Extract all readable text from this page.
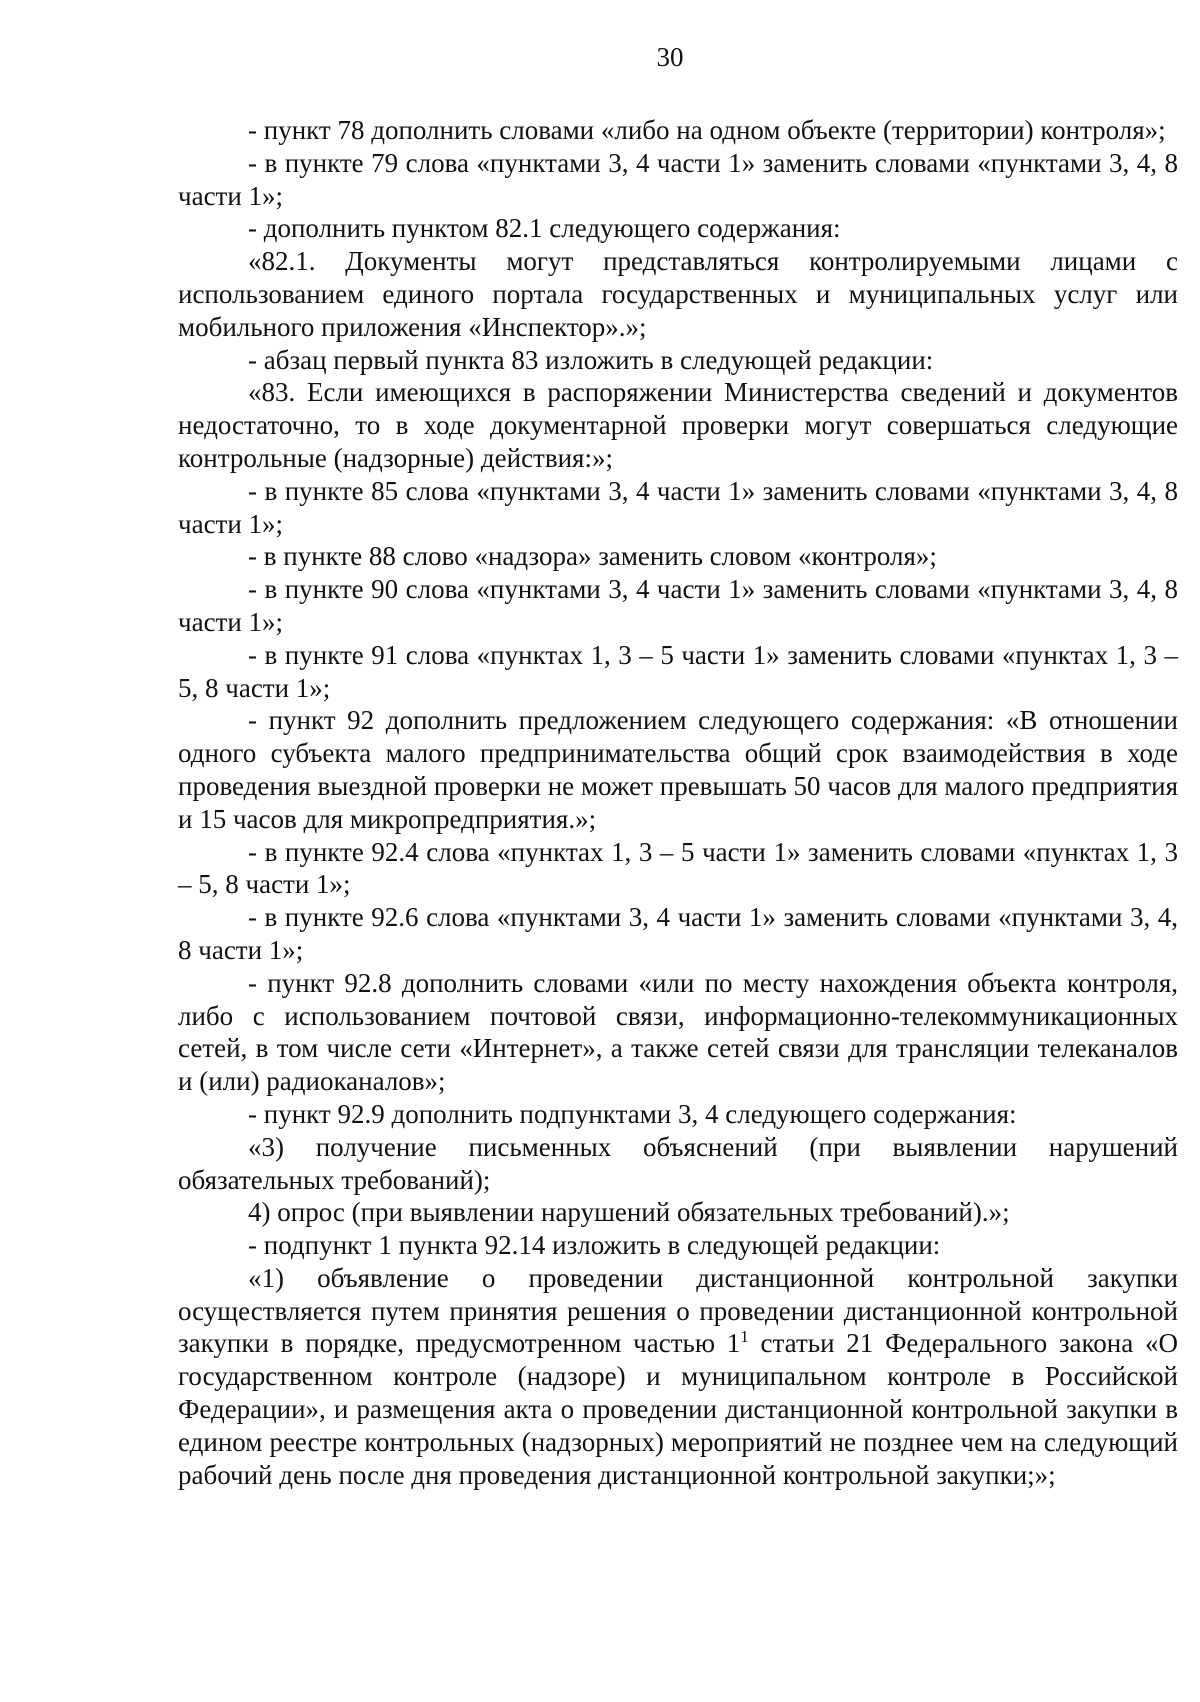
30

- пункт 78 дополнить словами «либо на одном объекте (территории) контроля»;

- в пункте 79 слова «пунктами 3, 4 части 1» заменить словами «пунктами 3, 4, 8 части 1»;

- дополнить пунктом 82.1 следующего содержания:

«82.1. Документы могут представляться контролируемыми лицами с использованием единого портала государственных и муниципальных услуг или мобильного приложения «Инспектор».»;

- абзац первый пункта 83 изложить в следующей редакции:

«83. Если имеющихся в распоряжении Министерства сведений и документов недостаточно, то в ходе документарной проверки могут совершаться следующие контрольные (надзорные) действия:»;

- в пункте 85 слова «пунктами 3, 4 части 1» заменить словами «пунктами 3, 4, 8 части 1»;

- в пункте 88 слово «надзора» заменить словом «контроля»;

- в пункте 90 слова «пунктами 3, 4 части 1» заменить словами «пунктами 3, 4, 8 части 1»;

- в пункте 91 слова «пунктах 1, 3 – 5 части 1» заменить словами «пунктах 1, 3 – 5, 8 части 1»;

- пункт 92 дополнить предложением следующего содержания: «В отношении одного субъекта малого предпринимательства общий срок взаимодействия в ходе проведения выездной проверки не может превышать 50 часов для малого предприятия и 15 часов для микропредприятия.»;

- в пункте 92.4 слова «пунктах 1, 3 – 5 части 1» заменить словами «пунктах 1, 3 – 5, 8 части 1»;

- в пункте 92.6 слова «пунктами 3, 4 части 1» заменить словами «пунктами 3, 4, 8 части 1»;

- пункт 92.8 дополнить словами «или по месту нахождения объекта контроля, либо с использованием почтовой связи, информационно-телекоммуникационных сетей, в том числе сети «Интернет», а также сетей связи для трансляции телеканалов и (или) радиоканалов»;

- пункт 92.9 дополнить подпунктами 3, 4 следующего содержания:

«3) получение письменных объяснений (при выявлении нарушений обязательных требований);

4) опрос (при выявлении нарушений обязательных требований).»;

- подпункт 1 пункта 92.14 изложить в следующей редакции:

«1) объявление о проведении дистанционной контрольной закупки осуществляется путем принятия решения о проведении дистанционной контрольной закупки в порядке, предусмотренном частью $1^1$ статьи 21 Федерального закона «О государственном контроле (надзоре) и муниципальном контроле в Российской Федерации», и размещения акта о проведении дистанционной контрольной закупки в едином реестре контрольных (надзорных) мероприятий не позднее чем на следующий рабочий день после дня проведения дистанционной контрольной закупки;»;
